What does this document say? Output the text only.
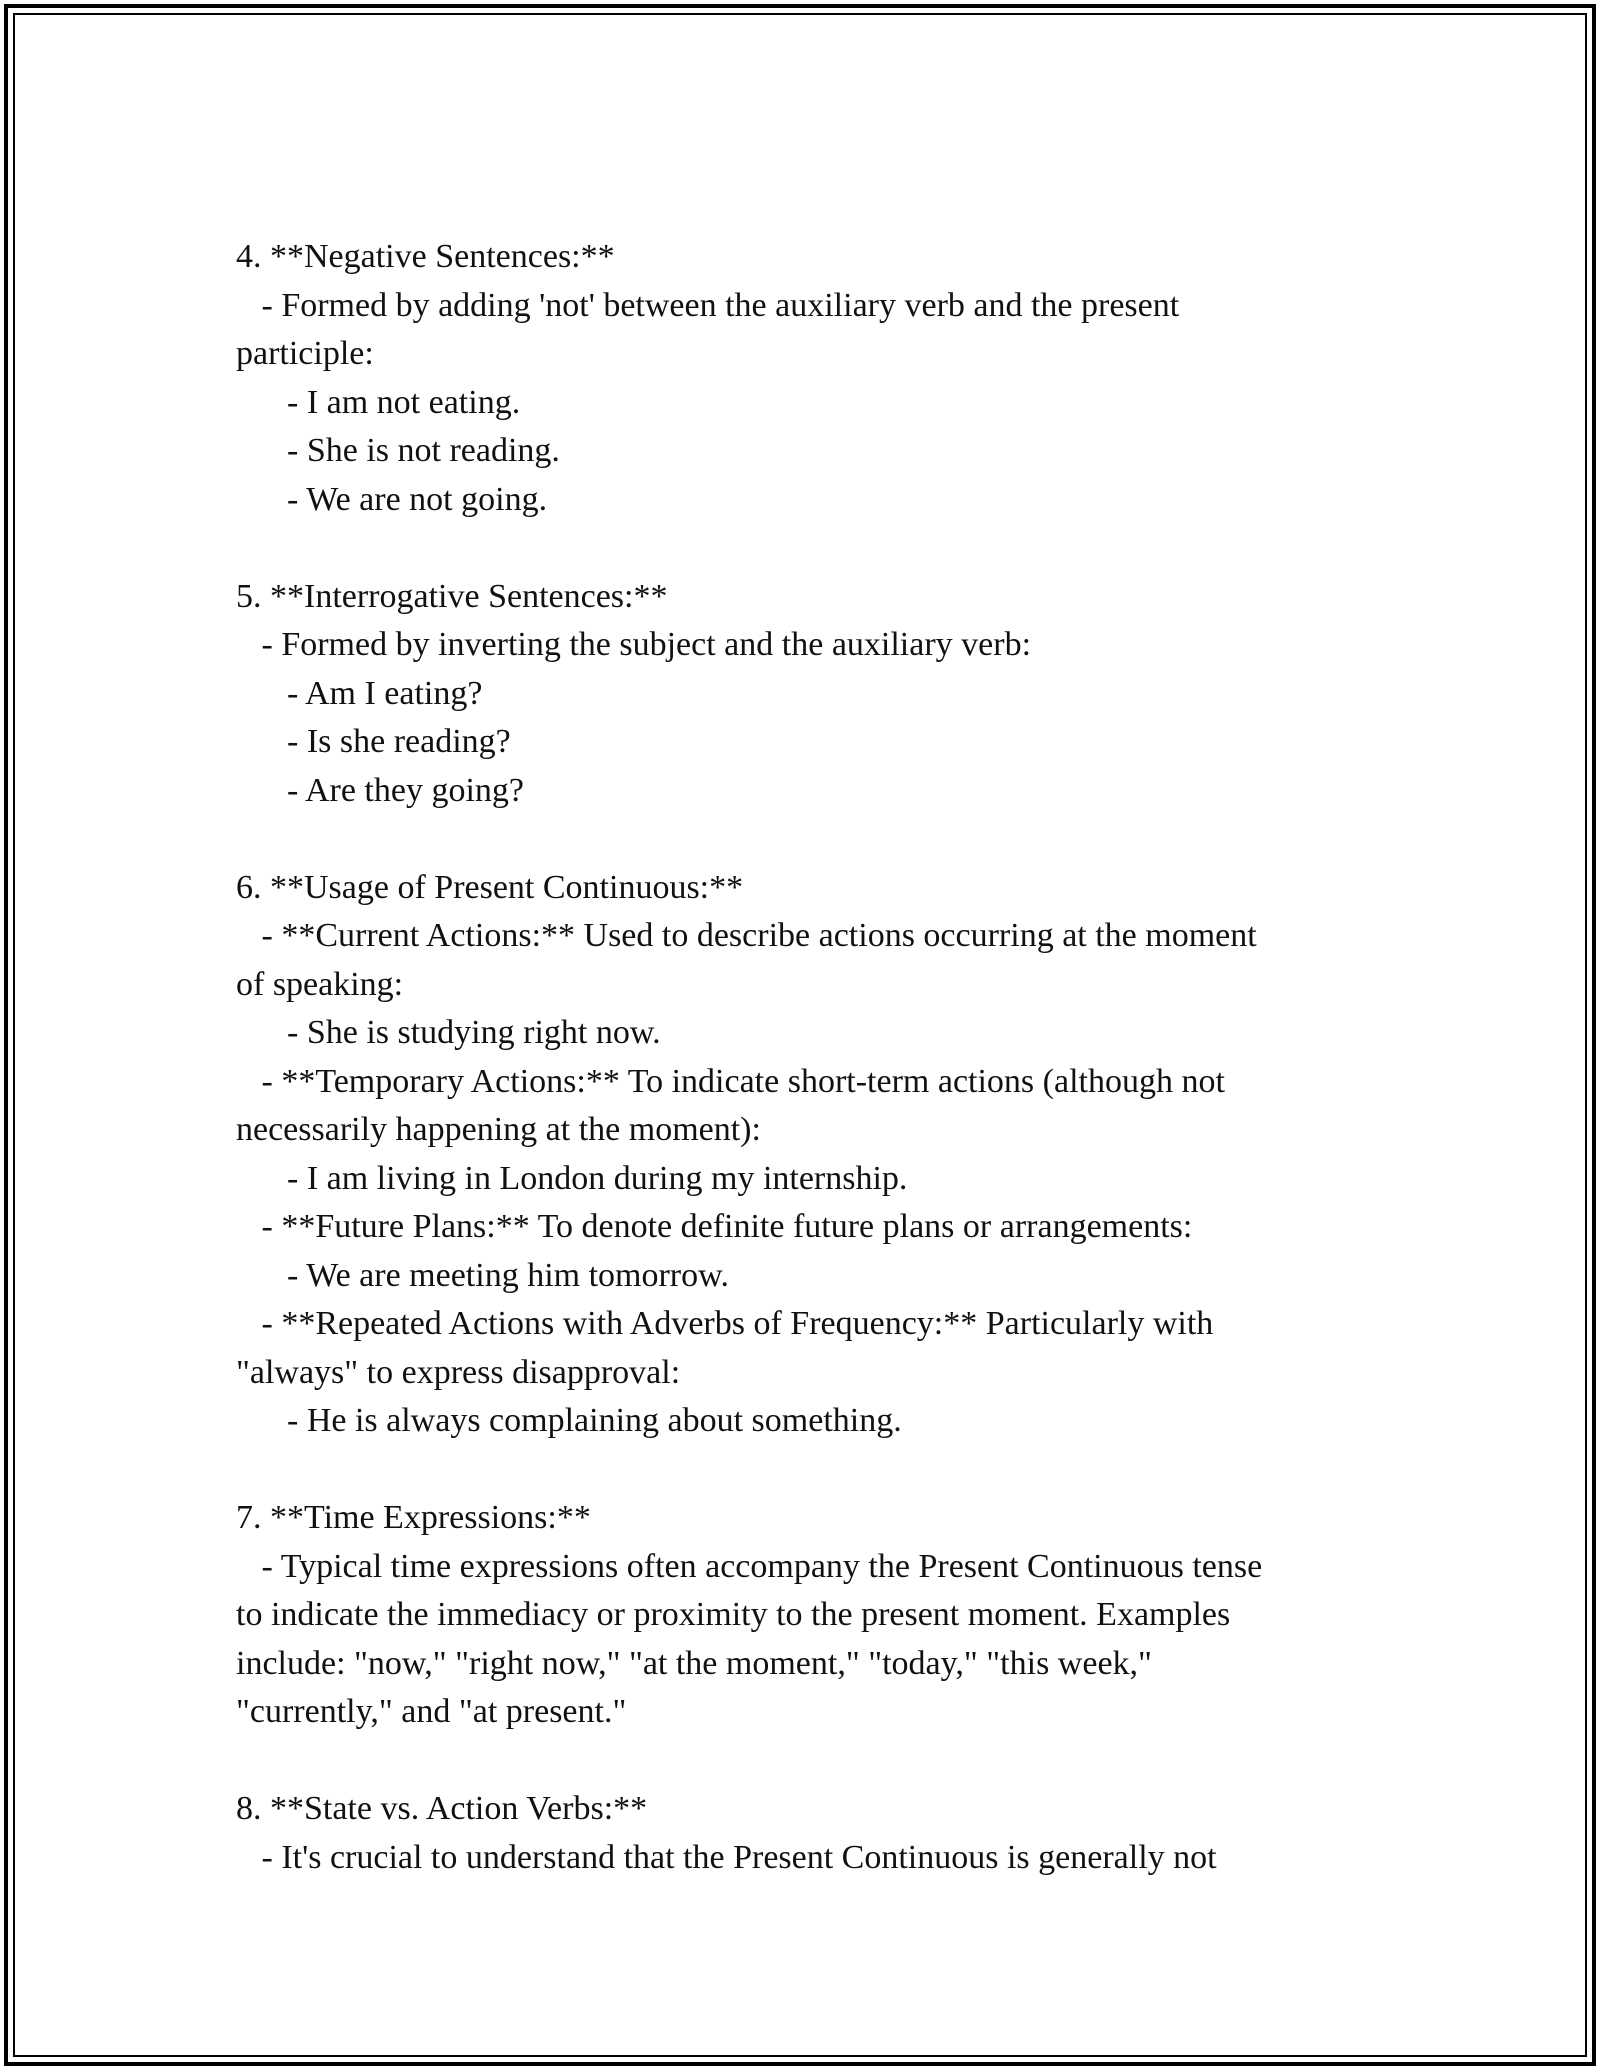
4. **Negative Sentences:**
- Formed by adding 'not' between the auxiliary verb and the present
participle:
- I am not eating.
- She is not reading.
- We are not going.
5. **Interrogative Sentences:**
- Formed by inverting the subject and the auxiliary verb:
- Am I eating?
- Is she reading?
- Are they going?
6. **Usage of Present Continuous:**
- **Current Actions:** Used to describe actions occurring at the moment
of speaking:
- She is studying right now.
- **Temporary Actions:** To indicate short-term actions (although not
necessarily happening at the moment):
- I am living in London during my internship.
- **Future Plans:** To denote definite future plans or arrangements:
- We are meeting him tomorrow.
- **Repeated Actions with Adverbs of Frequency:** Particularly with
"always" to express disapproval:
- He is always complaining about something.
7. **Time Expressions:**
- Typical time expressions often accompany the Present Continuous tense
to indicate the immediacy or proximity to the present moment. Examples
include: "now," "right now," "at the moment," "today," "this week,"
"currently," and "at present."
8. **State vs. Action Verbs:**
- It's crucial to understand that the Present Continuous is generally not
